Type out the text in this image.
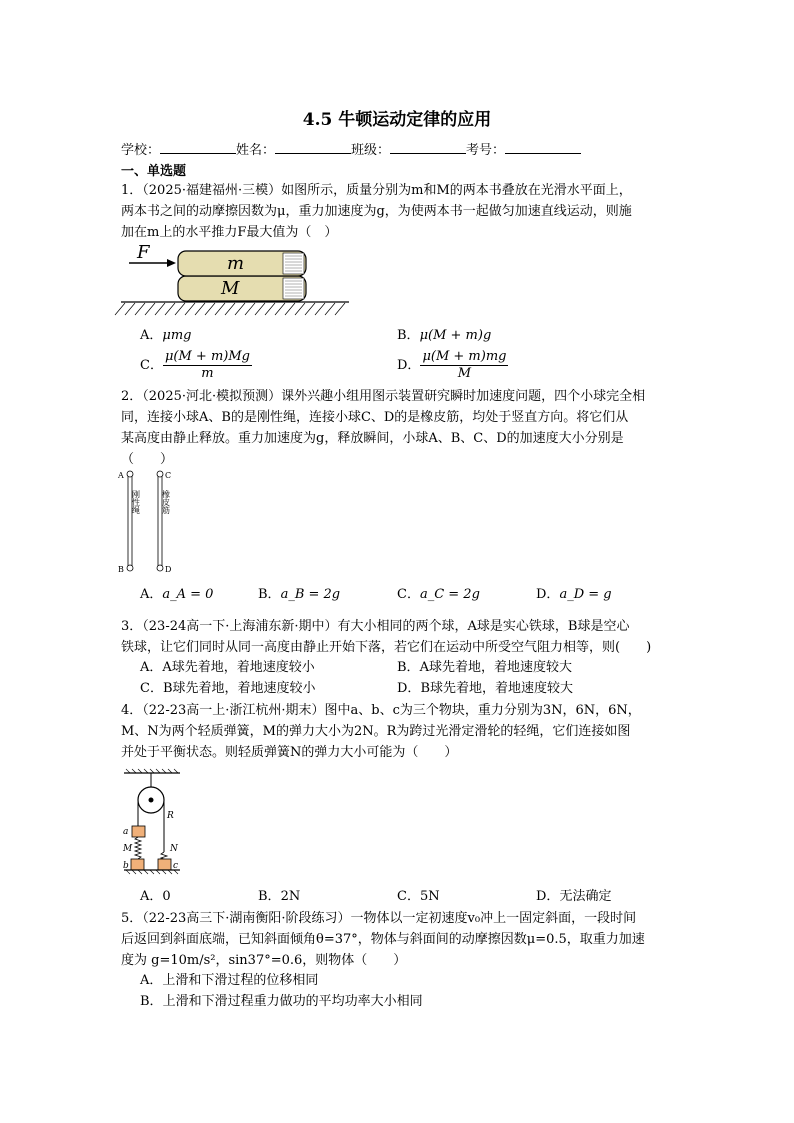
4.5 牛顿运动定律的应用
学校：	姓名：	班级：	考号：
一、单选题
1．（2025·福建福州·三模）如图所示，质量分别为m和M的两本书叠放在光滑水平面上，
两本书之间的动摩擦因数为μ，重力加速度为g，为使两本书一起做匀加速直线运动，则施
加在m上的水平推力F最大值为（　）
m
M
F
A．μmg	B．μ(M + m)g
C． $\frac{\mu(M + m)Mg}{m}$	D． $\frac{\mu(M + m)mg}{M}$
2．（2025·河北·模拟预测）课外兴趣小组用图示装置研究瞬时加速度问题，四个小球完全相
同，连接小球A、B的是刚性绳，连接小球C、D的是橡皮筋，均处于竖直方向。将它们从
某高度由静止释放。重力加速度为g，释放瞬间，小球A、B、C、D的加速度大小分别是
（　　）
A	C
B	D
刚性绳	橡皮筋
A．a_A = 0	B．a_B = 2g	C．a_C = 2g	D．a_D = g
3．（23-24高一下·上海浦东新·期中）有大小相同的两个球，A球是实心铁球，B球是空心
铁球，让它们同时从同一高度由静止开始下落，若它们在运动中所受空气阻力相等，则(　　)
A．A球先着地，着地速度较小	B．A球先着地，着地速度较大
C．B球先着地，着地速度较小	D．B球先着地，着地速度较大
4．（22-23高一上·浙江杭州·期末）图中a、b、c为三个物块，重力分别为3N，6N，6N，
M、N为两个轻质弹簧，M的弹力大小为2N。R为跨过光滑定滑轮的轻绳，它们连接如图
并处于平衡状态。则轻质弹簧N的弹力大小可能为（　　）
R
a
M	N
b	c
A．0	B．2N	C．5N	D．无法确定
5．（22-23高三下·湖南衡阳·阶段练习）一物体以一定初速度v₀冲上一固定斜面，一段时间
后返回到斜面底端，已知斜面倾角θ=37°，物体与斜面间的动摩擦因数μ=0.5，取重力加速
度为 g=10m/s²，sin37°=0.6，则物体（　　）
A．上滑和下滑过程的位移相同
B．上滑和下滑过程重力做功的平均功率大小相同
